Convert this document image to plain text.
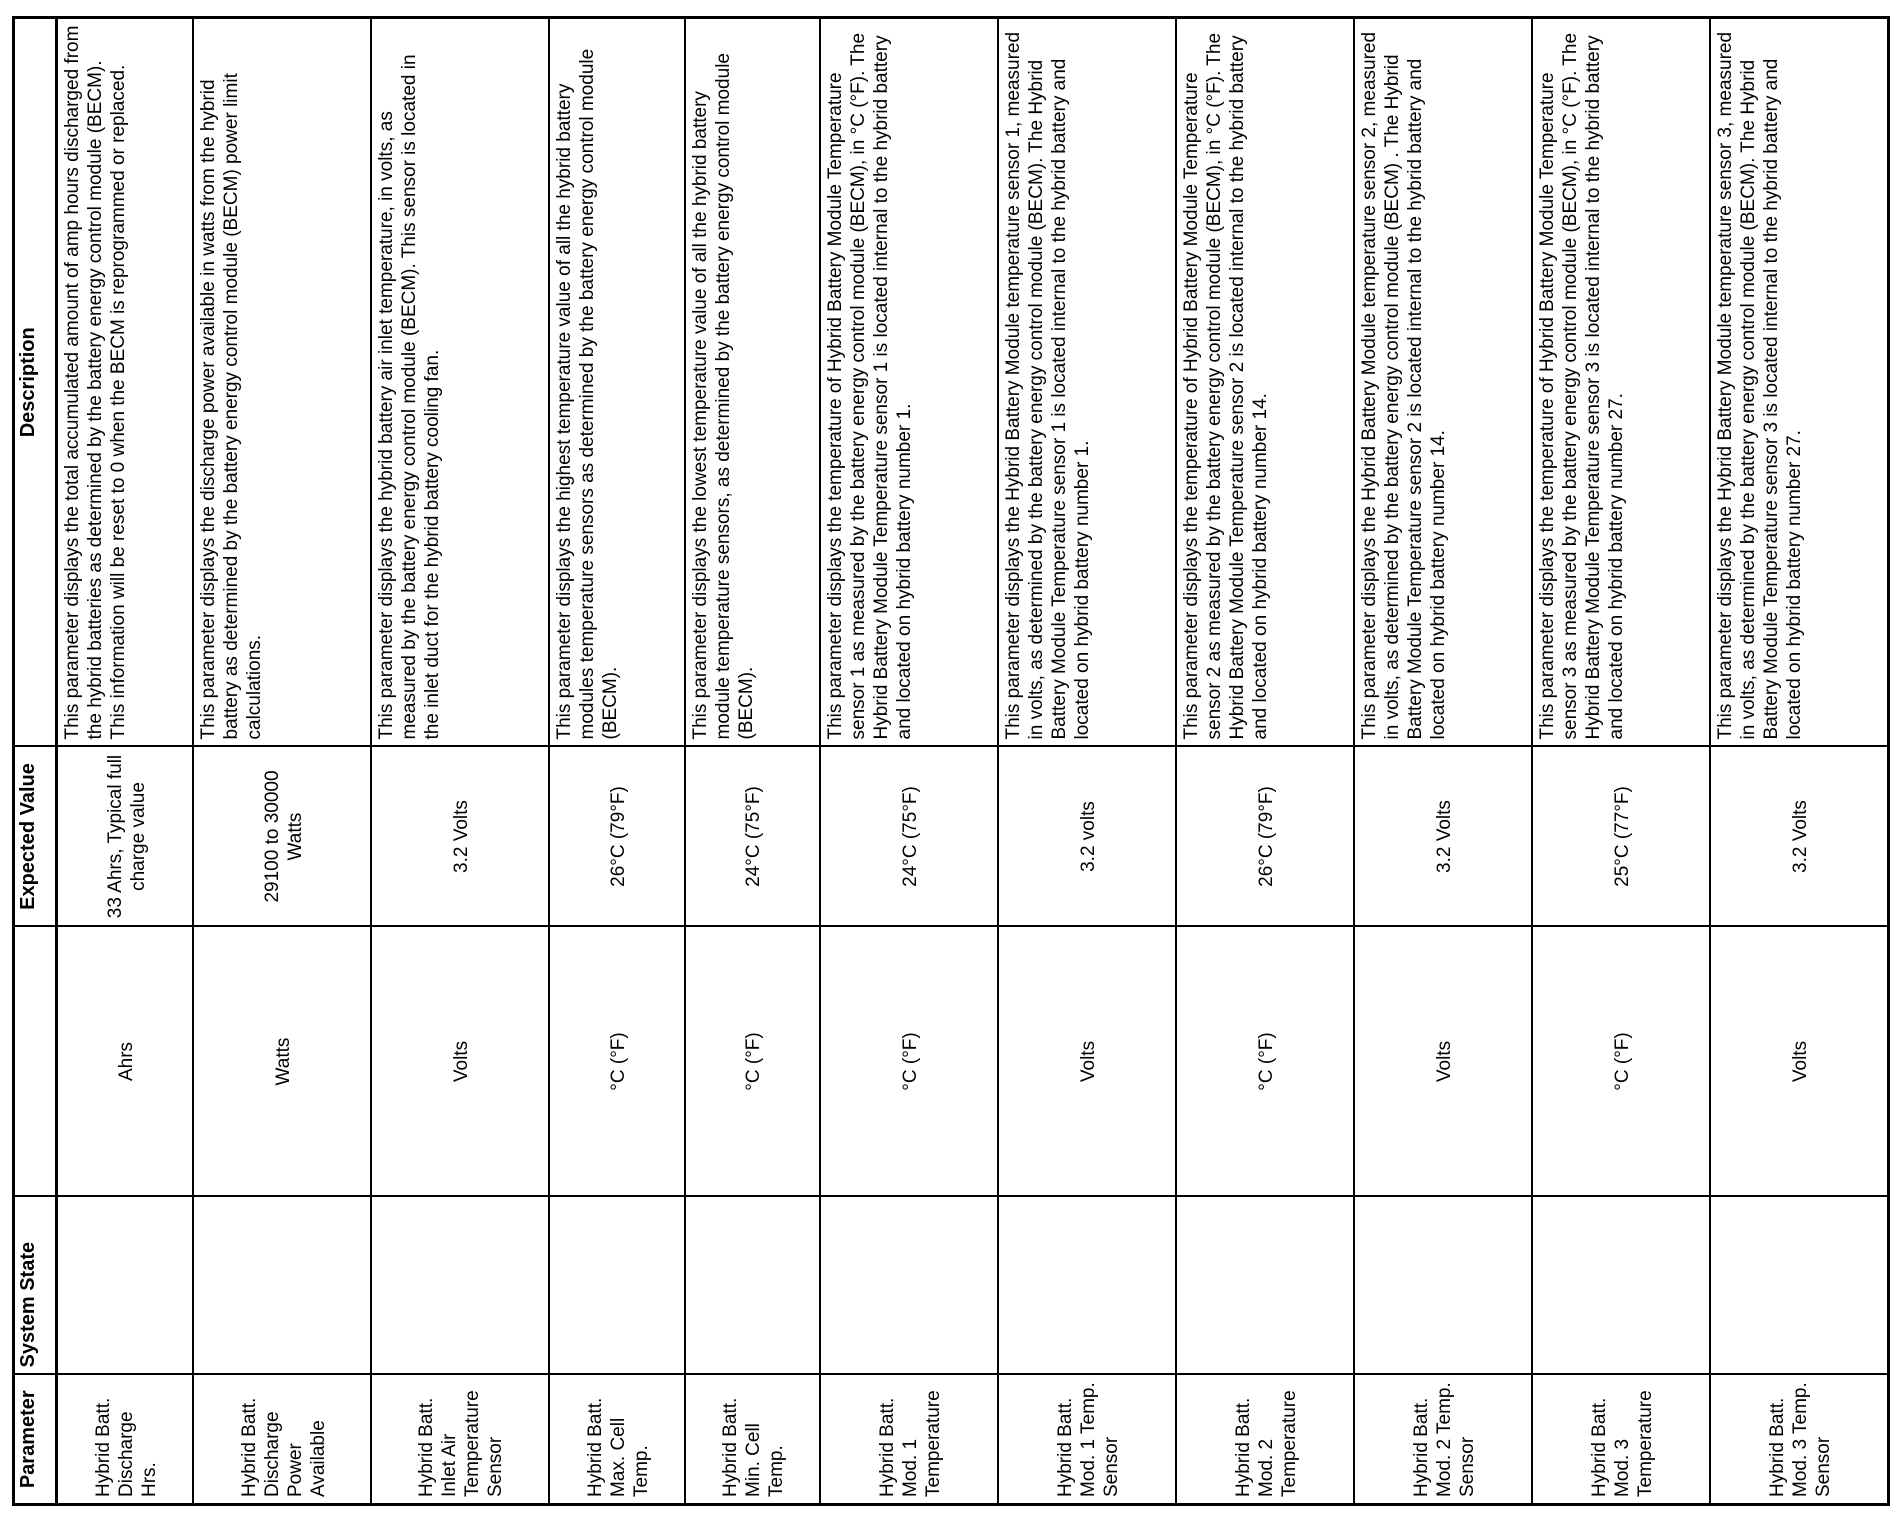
Parameter	System State		Expected Value	Description
Hybrid Batt. Discharge Hrs.		Ahrs	33 Ahrs, Typical full charge value	This parameter displays the total accumulated amount of amp hours discharged from the hybrid batteries as determined by the battery energy control module (BECM). This information will be reset to 0 when the BECM is reprogrammed or replaced.
Hybrid Batt. Discharge Power Available		Watts	29100 to 30000 Watts	This parameter displays the discharge power available in watts from the hybrid battery as determined by the battery energy control module (BECM) power limit calculations.
Hybrid Batt. Inlet Air Temperature Sensor		Volts	3.2 Volts	This parameter displays the hybrid battery air inlet temperature, in volts, as measured by the battery energy control module (BECM). This sensor is located in the inlet duct for the hybrid battery cooling fan.
Hybrid Batt. Max. Cell Temp.		°C (°F)	26°C (79°F)	This parameter displays the highest temperature value of all the hybrid battery modules temperature sensors as determined by the battery energy control module (BECM).
Hybrid Batt. Min. Cell Temp.		°C (°F)	24°C (75°F)	This parameter displays the lowest temperature value of all the hybrid battery module temperature sensors, as determined by the battery energy control module (BECM).
Hybrid Batt. Mod. 1 Temperature		°C (°F)	24°C (75°F)	This parameter displays the temperature of Hybrid Battery Module Temperature sensor 1 as measured by the battery energy control module (BECM), in °C (°F). The Hybrid Battery Module Temperature sensor 1 is located internal to the hybrid battery and located on hybrid battery number 1.
Hybrid Batt. Mod. 1 Temp. Sensor		Volts	3.2 volts	This parameter displays the Hybrid Battery Module temperature sensor 1, measured in volts, as determined by the battery energy control module (BECM). The Hybrid Battery Module Temperature sensor 1 is located internal to the hybrid battery and located on hybrid battery number 1.
Hybrid Batt. Mod. 2 Temperature		°C (°F)	26°C (79°F)	This parameter displays the temperature of Hybrid Battery Module Temperature sensor 2 as measured by the battery energy control module (BECM), in °C (°F). The Hybrid Battery Module Temperature sensor 2 is located internal to the hybrid battery and located on hybrid battery number 14.
Hybrid Batt. Mod. 2 Temp. Sensor		Volts	3.2 Volts	This parameter displays the Hybrid Battery Module temperature sensor 2, measured in volts, as determined by the battery energy control module (BECM) . The Hybrid Battery Module Temperature sensor 2 is located internal to the hybrid battery and located on hybrid battery number 14.
Hybrid Batt. Mod. 3 Temperature		°C (°F)	25°C (77°F)	This parameter displays the temperature of Hybrid Battery Module Temperature sensor 3 as measured by the battery energy control module (BECM), in °C (°F). The Hybrid Battery Module Temperature sensor 3 is located internal to the hybrid battery and located on hybrid battery number 27.
Hybrid Batt. Mod. 3 Temp. Sensor		Volts	3.2 Volts	This parameter displays the Hybrid Battery Module temperature sensor 3, measured in volts, as determined by the battery energy control module (BECM). The Hybrid Battery Module Temperature sensor 3 is located internal to the hybrid battery and located on hybrid battery number 27.
